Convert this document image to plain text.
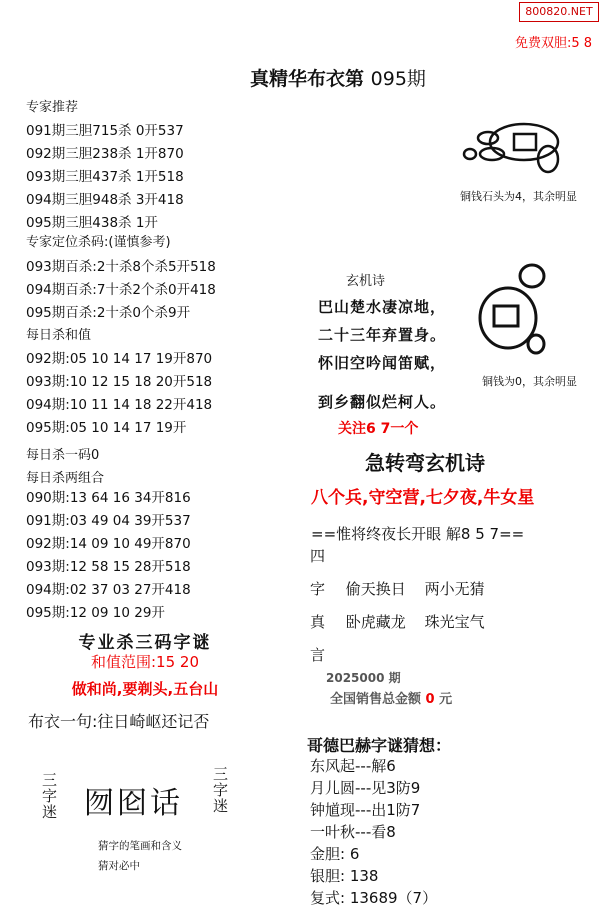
800820.NET
免费双胆:5 8
真精华布衣第 095期
专家推荐
091期三胆715杀 0开537
092期三胆238杀 1开870
093期三胆437杀 1开518
094期三胆948杀 3开418
095期三胆438杀 1开
专家定位杀码:(谨慎参考)
093期百杀:2十杀8个杀5开518
094期百杀:7十杀2个杀0开418
095期百杀:2十杀0个杀9开
每日杀和值
092期:05 10 14 17 19开870
093期:10 12 15 18 20开518
094期:10 11 14 18 22开418
095期:05 10 14 17 19开
每日杀一码0
每日杀两组合
090期:13 64 16 34开816
091期:03 49 04 39开537
092期:14 09 10 49开870
093期:12 58 15 28开518
094期:02 37 03 27开418
095期:12 09 10 29开
专业杀三码字谜
和值范围:15 20
做和尚,要剃头,五台山
布衣一句:往日崎岖还记否
三字迷 囫囵话
三字迷
猜字的笔画和含义
猜对必中
铜钱石头为4，其余明显
玄机诗
巴山楚水凄凉地，
二十三年弃置身。
怀旧空吟闻笛赋，
到乡翻似烂柯人。
铜钱为0，其余明显
关注6 7一个
急转弯玄机诗
八个兵,守空营,七夕夜,牛女星
==惟将终夜长开眼 解8 5 7==
四
字 偷天换日 两小无猜
真 卧虎藏龙 珠光宝气
言
2025000 期
全国销售总金额 0 元
哥德巴赫字谜猜想：
东风起---解6
月儿圆---见3防9
钟馗现---出1防7
一叶秋---看8
金胆: 6
银胆: 138
复式: 13689（7）
